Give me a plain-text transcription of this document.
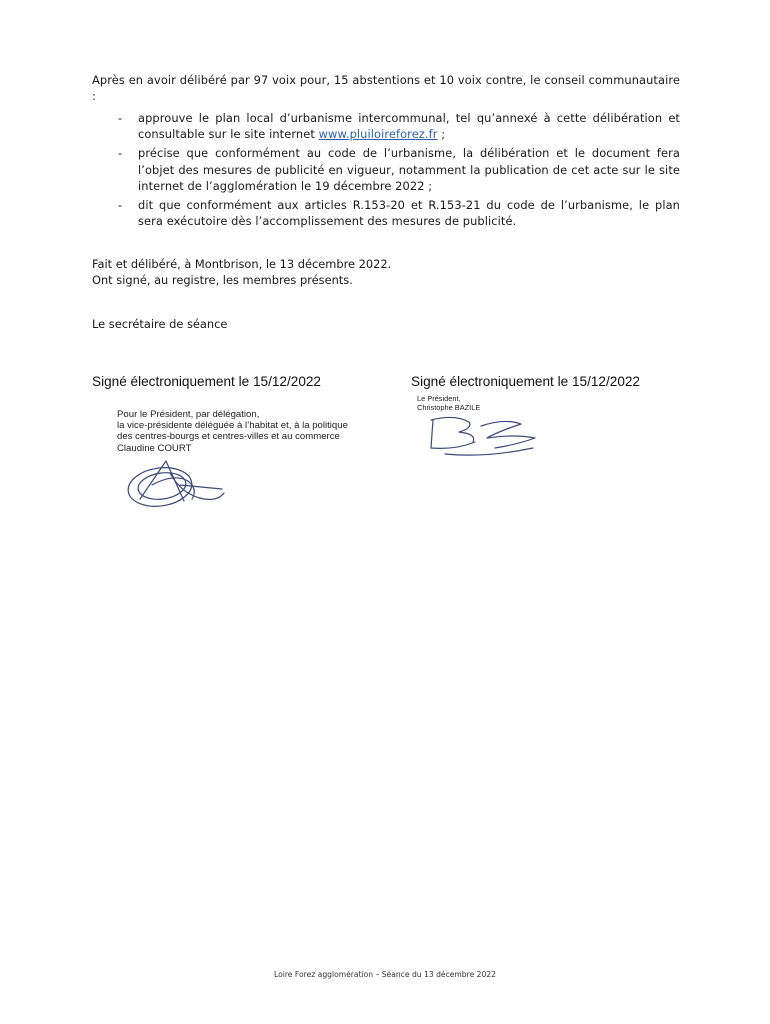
Après en avoir délibéré par 97 voix pour, 15 abstentions et 10 voix contre, le conseil communautaire :
- approuve le plan local d’urbanisme intercommunal, tel qu’annexé à cette délibération et consultable sur le site internet www.pluiloireforez.fr ;
- précise que conformément au code de l’urbanisme, la délibération et le document fera l’objet des mesures de publicité en vigueur, notamment la publication de cet acte sur le site internet de l’agglomération le 19 décembre 2022 ;
- dit que conformément aux articles R.153-20 et R.153-21 du code de l’urbanisme, le plan sera exécutoire dès l’accomplissement des mesures de publicité.
Fait et délibéré, à Montbrison, le 13 décembre 2022.
Ont signé, au registre, les membres présents.
Le secrétaire de séance
Signé électroniquement le 15/12/2022	Signé électroniquement le 15/12/2022
Pour le Président, par délégation,
la vice-présidente déléguée à l’habitat et, à la politique
des centres-bourgs et centres-villes et au commerce
Claudine COURT
Le Président,
Christophe BAZILE
Loire Forez agglomération – Séance du 13 décembre 2022
